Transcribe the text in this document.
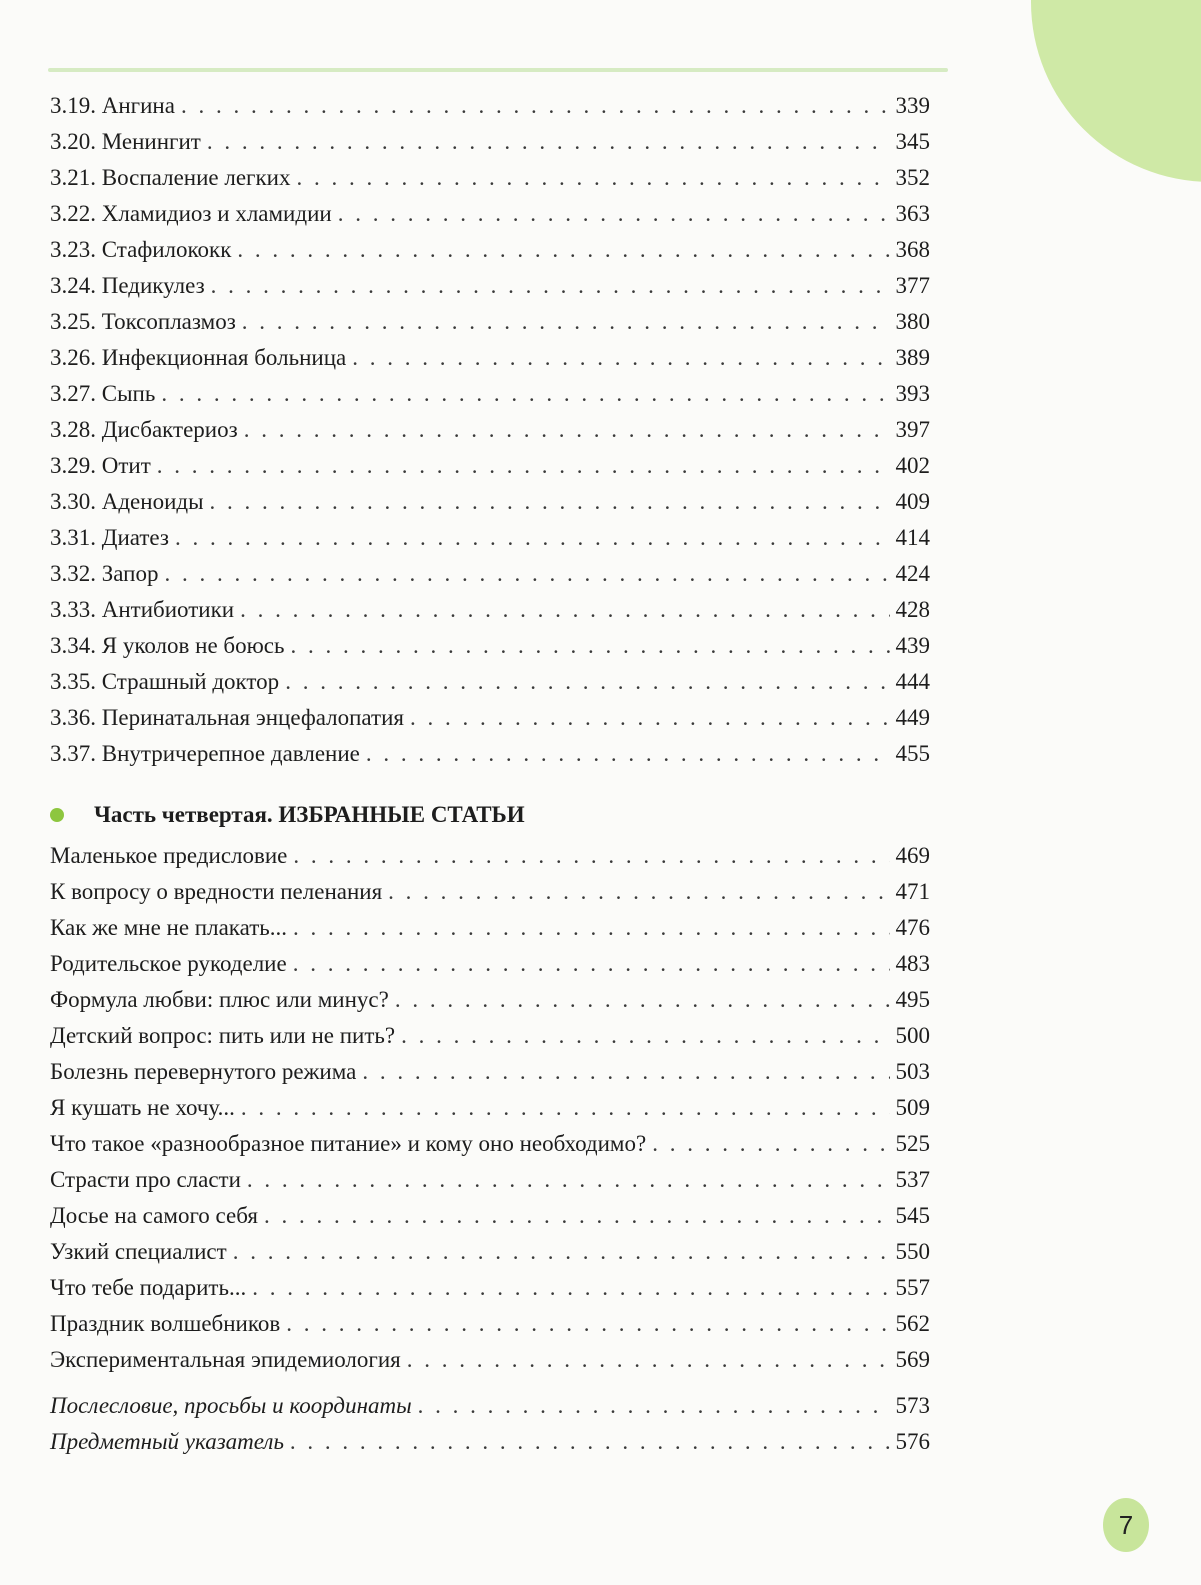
3.19. Ангина . . .	339
3.20. Менингит . . .	345
3.21. Воспаление легких . . .	352
3.22. Хламидиоз и хламидии . . .	363
3.23. Стафилококк . . .	368
3.24. Педикулез . . .	377
3.25. Токсоплазмоз . . .	380
3.26. Инфекционная больница . . .	389
3.27. Сыпь . . .	393
3.28. Дисбактериоз . . .	397
3.29. Отит . . .	402
3.30. Аденоиды . . .	409
3.31. Диатез . . .	414
3.32. Запор . . .	424
3.33. Антибиотики . . .	428
3.34. Я уколов не боюсь . . .	439
3.35. Страшный доктор . . .	444
3.36. Перинатальная энцефалопатия . . .	449
3.37. Внутричерепное давление . . .	455
Часть четвертая. ИЗБРАННЫЕ СТАТЬИ
Маленькое предисловие . . .	469
К вопросу о вредности пеленания . . .	471
Как же мне не плакать... . . .	476
Родительское рукоделие . . .	483
Формула любви: плюс или минус? . . .	495
Детский вопрос: пить или не пить? . . .	500
Болезнь перевернутого режима . . .	503
Я кушать не хочу... . . .	509
Что такое «разнообразное питание» и кому оно необходимо? . . .	525
Страсти про сласти . . .	537
Досье на самого себя . . .	545
Узкий специалист . . .	550
Что тебе подарить... . . .	557
Праздник волшебников . . .	562
Экспериментальная эпидемиология . . .	569
Послесловие, просьбы и координаты . . .	573
Предметный указатель . . .	576
7
